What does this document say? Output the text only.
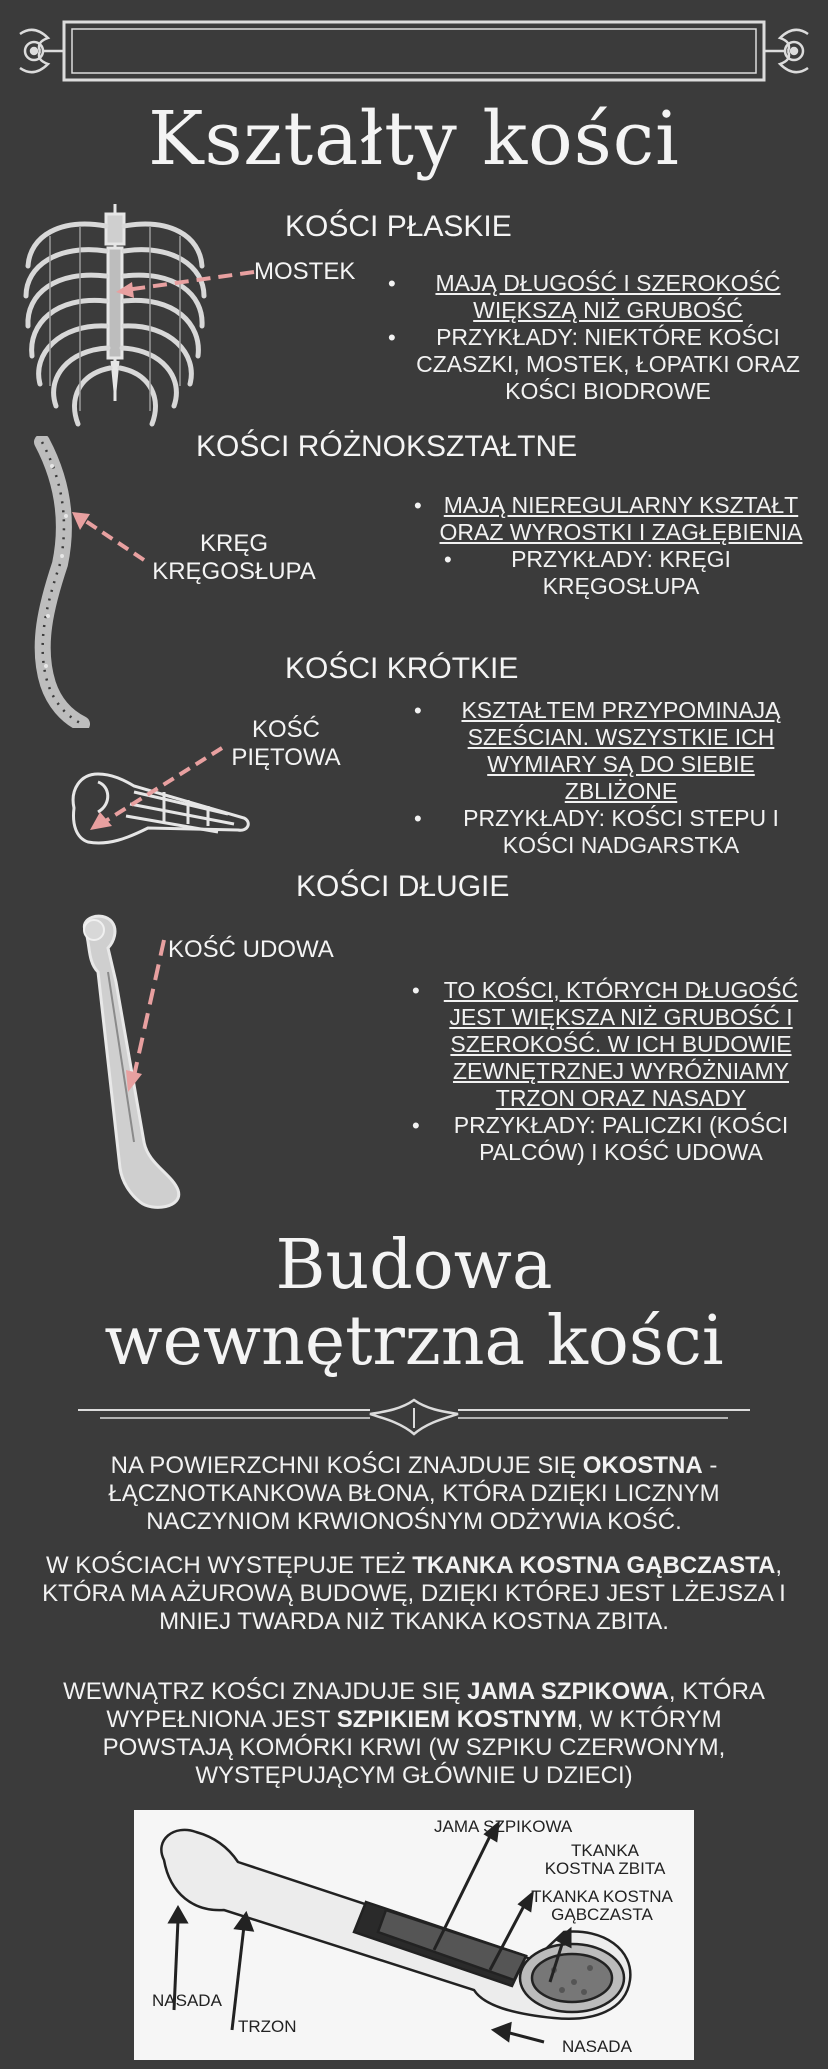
Kształty kości
KOŚCI PŁASKIE
MOSTEK
•	MAJĄ DŁUGOŚĆ I SZEROKOŚĆ WIĘKSZĄ NIŻ GRUBOŚĆ
• PRZYKŁADY: NIEKTÓRE KOŚCI CZASZKI, MOSTEK, ŁOPATKI ORAZ KOŚCI BIODROWE
KOŚCI RÓŻNOKSZTAŁTNE
KRĘG
KRĘGOSŁUPA
• MAJĄ NIEREGULARNY KSZTAŁT ORAZ WYROSTKI I ZAGŁĘBIENIA
• PRZYKŁADY: KRĘGI KRĘGOSŁUPA
KOŚCI KRÓTKIE
KOŚĆ
PIĘTOWA
• KSZTAŁTEM PRZYPOMINAJĄ SZEŚCIAN. WSZYSTKIE ICH WYMIARY SĄ DO SIEBIE ZBLIŻONE
• PRZYKŁADY: KOŚCI STEPU I KOŚCI NADGARSTKA
KOŚCI DŁUGIE
KOŚĆ UDOWA
• TO KOŚCI, KTÓRYCH DŁUGOŚĆ JEST WIĘKSZA NIŻ GRUBOŚĆ I SZEROKOŚĆ. W ICH BUDOWIE ZEWNĘTRZNEJ WYRÓŻNIAMY TRZON ORAZ NASADY
• PRZYKŁADY: PALICZKI (KOŚCI PALCÓW) I KOŚĆ UDOWA
Budowa
wewnętrzna kości

NA POWIERZCHNI KOŚCI ZNAJDUJE SIĘ OKOSTNA - ŁĄCZNOTKANKOWA BŁONA, KTÓRA DZIĘKI LICZNYM NACZYNIOM KRWIONOŚNYM ODŻYWIA KOŚĆ.

W KOŚCIACH WYSTĘPUJE TEŻ TKANKA KOSTNA GĄBCZASTA, KTÓRA MA AŻUROWĄ BUDOWĘ, DZIĘKI KTÓREJ JEST LŻEJSZA I MNIEJ TWARDA NIŻ TKANKA KOSTNA ZBITA.

WEWNĄTRZ KOŚCI ZNAJDUJE SIĘ JAMA SZPIKOWA, KTÓRA WYPEŁNIONA JEST SZPIKIEM KOSTNYM, W KTÓRYM POWSTAJĄ KOMÓRKI KRWI (W SZPIKU CZERWONYM, WYSTĘPUJĄCYM GŁÓWNIE U DZIECI)

JAMA SZPIKOWA
TKANKA
KOSTNA ZBITA
TKANKA KOSTNA
GĄBCZASTA
NASADA
TRZON
NASADA
